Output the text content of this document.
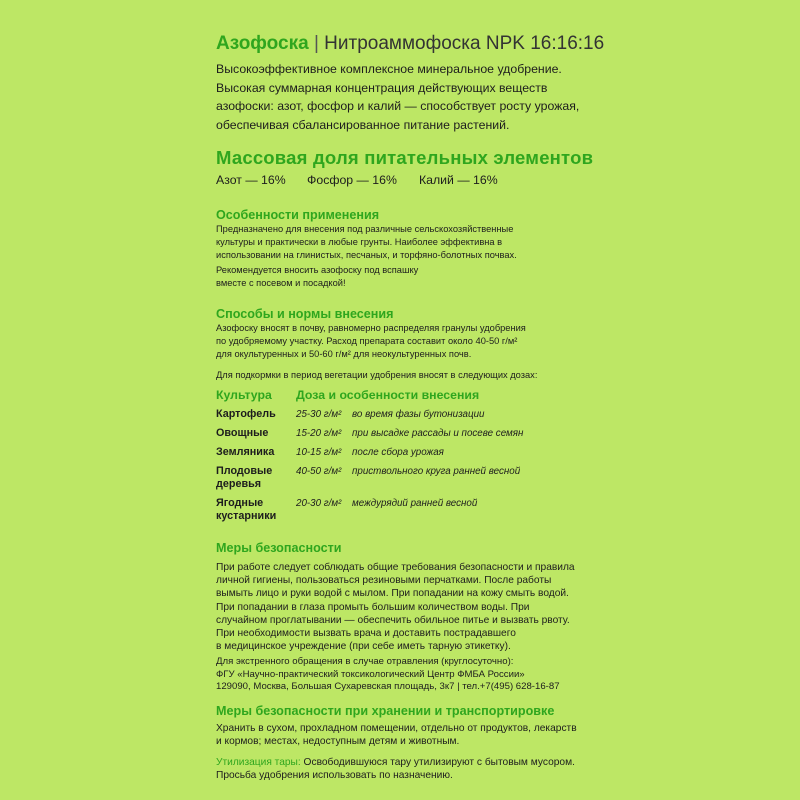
Азофоска | Нитроаммофоска NPK 16:16:16
Высокоэффективное комплексное минеральное удобрение.
Высокая суммарная концентрация действующих веществ
азофоски: азот, фосфор и калий — способствует росту урожая,
обеспечивая сбалансированное питание растений.
Массовая доля питательных элементов
Азот — 16% Фосфор — 16% Калий — 16%
Особенности применения
Предназначено для внесения под различные сельскохозяйственные
культуры и практически в любые грунты. Наиболее эффективна в
использовании на глинистых, песчаных, и торфяно-болотных почвах.
Рекомендуется вносить азофоску под вспашку
вместе с посевом и посадкой!
Способы и нормы внесения
Азофоску вносят в почву, равномерно распределяя гранулы удобрения
по удобряемому участку. Расход препарата составит около 40-50 г/м²
для окультуренных и 50-60 г/м² для неокультуренных почв.
Для подкормки в период вегетации удобрения вносят в следующих дозах:
Культура Доза и особенности внесения
Картофель 25-30 г/м² во время фазы бутонизации
Овощные	15-20 г/м² при высадке рассады и посеве семян
Земляника 10-15 г/м² после сбора урожая
Плодовые
деревья
40-50 г/м² приствольного круга ранней весной
Ягодные
кустарники
20-30 г/м² междурядий ранней весной
Меры безопасности
При работе следует соблюдать общие требования безопасности и правила
личной гигиены, пользоваться резиновыми перчатками. После работы
вымыть лицо и руки водой с мылом. При попадании на кожу смыть водой.
При попадании в глаза промыть большим количеством воды. При
случайном проглатывании — обеспечить обильное питье и вызвать рвоту.
При необходимости вызвать врача и доставить пострадавшего
в медицинское учреждение (при себе иметь тарную этикетку).
Для экстренного обращения в случае отравления (круглосуточно):
ФГУ «Научно-практический токсикологический Центр ФМБА России»
129090, Москва, Большая Сухаревская площадь, 3к7 | тел.+7(495) 628-16-87
Меры безопасности при хранении и транспортировке
Хранить в сухом, прохладном помещении, отдельно от продуктов, лекарств
и кормов; местах, недоступным детям и животным.
Утилизация тары: Освободившуюся тару утилизируют с бытовым мусором.
Просьба удобрения использовать по назначению.
